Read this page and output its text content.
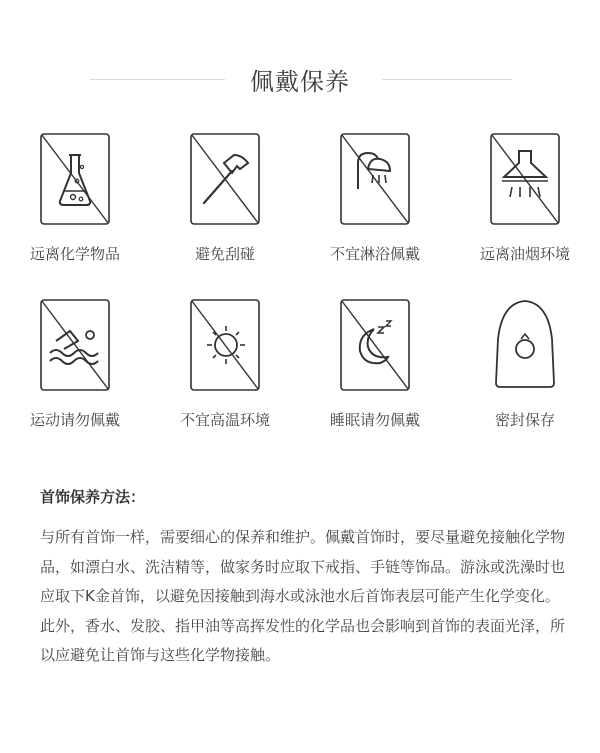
佩戴保养
远离化学物品	避免刮碰	不宜淋浴佩戴	远离油烟环境
运动请勿佩戴	不宜高温环境	睡眠请勿佩戴	密封保存

首饰保养方法：

与所有首饰一样，需要细心的保养和维护。佩戴首饰时，要尽量避免接触化学物品，如漂白水、洗洁精等，做家务时应取下戒指、手链等饰品。游泳或洗澡时也应取下K金首饰，以避免因接触到海水或泳池水后首饰表层可能产生化学变化。此外，香水、发胶、指甲油等高挥发性的化学品也会影响到首饰的表面光泽，所以应避免让首饰与这些化学物接触。
